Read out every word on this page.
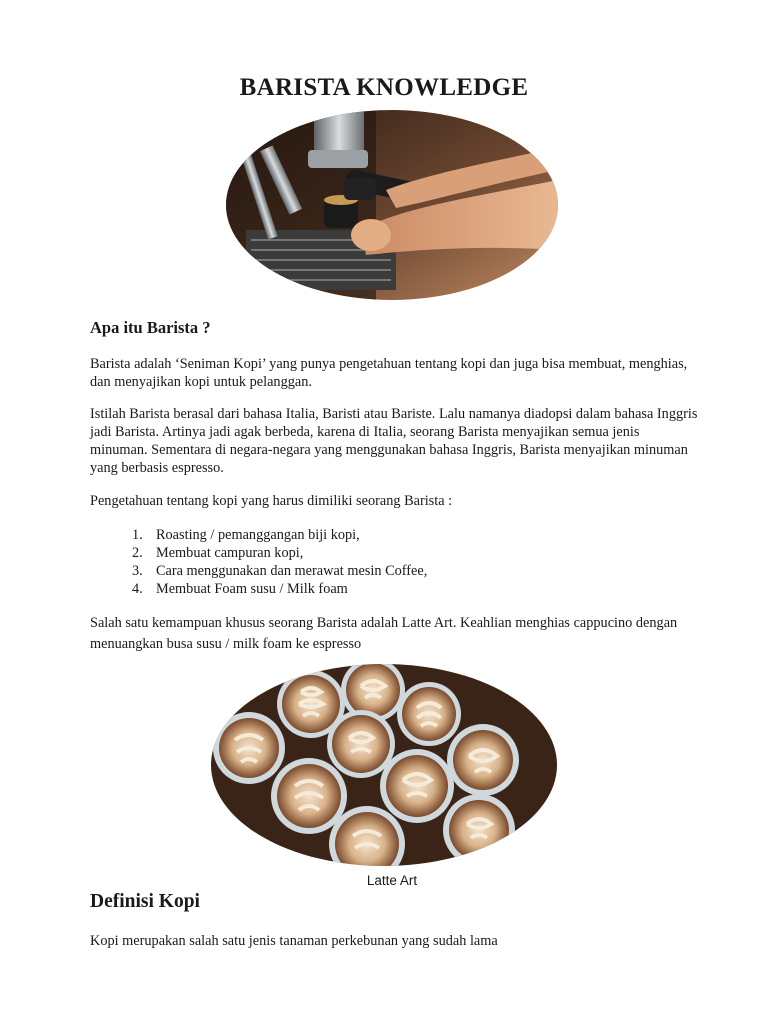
BARISTA KNOWLEDGE
Apa itu Barista ?

Barista adalah ‘Seniman Kopi’ yang punya pengetahuan tentang kopi dan juga bisa membuat, menghias, dan menyajikan kopi untuk pelanggan.

Istilah Barista berasal dari bahasa Italia, Baristi atau Bariste. Lalu namanya diadopsi dalam bahasa Inggris jadi Barista. Artinya jadi agak berbeda, karena di Italia, seorang Barista menyajikan semua jenis minuman. Sementara di negara-negara yang menggunakan bahasa Inggris, Barista menyajikan minuman yang berbasis espresso.

Pengetahuan tentang kopi yang harus dimiliki seorang Barista :

1. Roasting / pemanggangan biji kopi,
2. Membuat campuran kopi,
3. Cara menggunakan dan merawat mesin Coffee,
4. Membuat Foam susu / Milk foam

Salah satu kemampuan khusus seorang Barista adalah Latte Art. Keahlian menghias cappucino dengan menuangkan busa susu / milk foam ke espresso

Latte Art
Definisi Kopi

Kopi merupakan salah satu jenis tanaman perkebunan yang sudah lama
